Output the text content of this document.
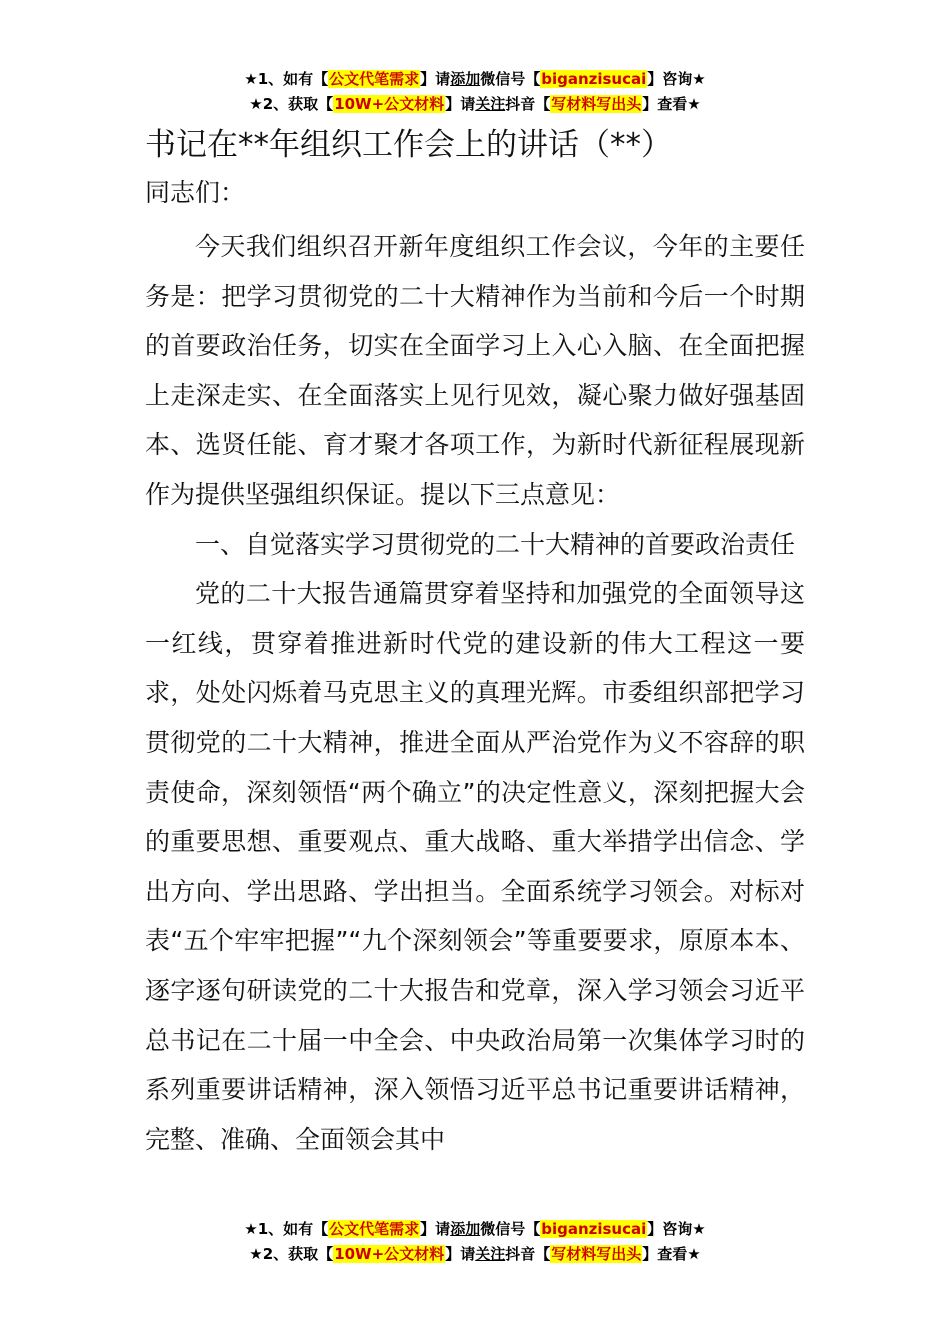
★1、如有【公文代笔需求】请添加微信号【biganzisucai】咨询★
★2、获取【10W+公文材料】请关注抖音【写材料写出头】查看★
书记在**年组织工作会上的讲话（**）

同志们：

今天我们组织召开新年度组织工作会议，今年的主要任务是：把学习贯彻党的二十大精神作为当前和今后一个时期的首要政治任务，切实在全面学习上入心入脑、在全面把握上走深走实、在全面落实上见行见效，凝心聚力做好强基固本、选贤任能、育才聚才各项工作，为新时代新征程展现新作为提供坚强组织保证。提以下三点意见：

一、自觉落实学习贯彻党的二十大精神的首要政治责任

党的二十大报告通篇贯穿着坚持和加强党的全面领导这一红线，贯穿着推进新时代党的建设新的伟大工程这一要求，处处闪烁着马克思主义的真理光辉。市委组织部把学习贯彻党的二十大精神，推进全面从严治党作为义不容辞的职责使命，深刻领悟“两个确立”的决定性意义，深刻把握大会的重要思想、重要观点、重大战略、重大举措学出信念、学出方向、学出思路、学出担当。全面系统学习领会。对标对表“五个牢牢把握”“九个深刻领会”等重要要求，原原本本、逐字逐句研读党的二十大报告和党章，深入学习领会习近平总书记在二十届一中全会、中央政治局第一次集体学习时的系列重要讲话精神，深入领悟习近平总书记重要讲话精神，完整、准确、全面领会其中

★1、如有【公文代笔需求】请添加微信号【biganzisucai】咨询★
★2、获取【10W+公文材料】请关注抖音【写材料写出头】查看★
